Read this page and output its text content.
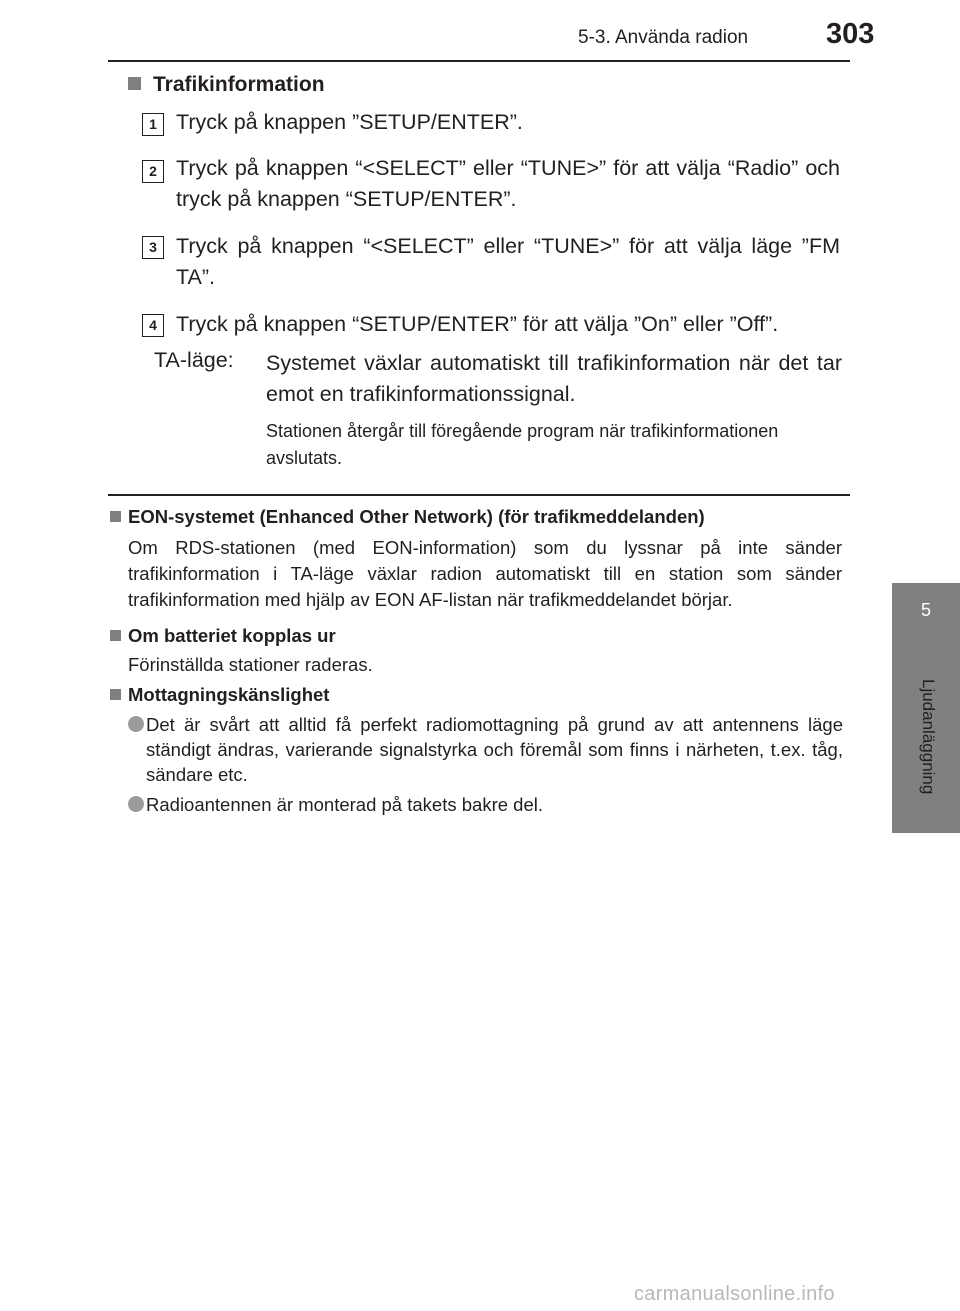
5-3. Använda radion	303
5
Ljudanläggning
Trafikinformation
1 Tryck på knappen ”SETUP/ENTER”.
2 Tryck på knappen “<SELECT” eller “TUNE>” för att välja “Radio” och tryck på knappen “SETUP/ENTER”.
3 Tryck på knappen “<SELECT” eller “TUNE>” för att välja läge ”FM TA”.
4 Tryck på knappen “SETUP/ENTER” för att välja ”On” eller ”Off”.
TA-läge: Systemet växlar automatiskt till trafikinformation när det tar emot en trafikinformationssignal.
Stationen återgår till föregående program när trafikinformationen avslutats.
EON-systemet (Enhanced Other Network) (för trafikmeddelanden)
Om RDS-stationen (med EON-information) som du lyssnar på inte sänder trafikinformation i TA-läge växlar radion automatiskt till en station som sänder trafikinformation med hjälp av EON AF-listan när trafikmeddelandet börjar.
Om batteriet kopplas ur
Förinställda stationer raderas.
Mottagningskänslighet
Det är svårt att alltid få perfekt radiomottagning på grund av att antennens läge ständigt ändras, varierande signalstyrka och föremål som finns i närheten, t.ex. tåg, sändare etc.
Radioantennen är monterad på takets bakre del.
carmanualsonline.info
